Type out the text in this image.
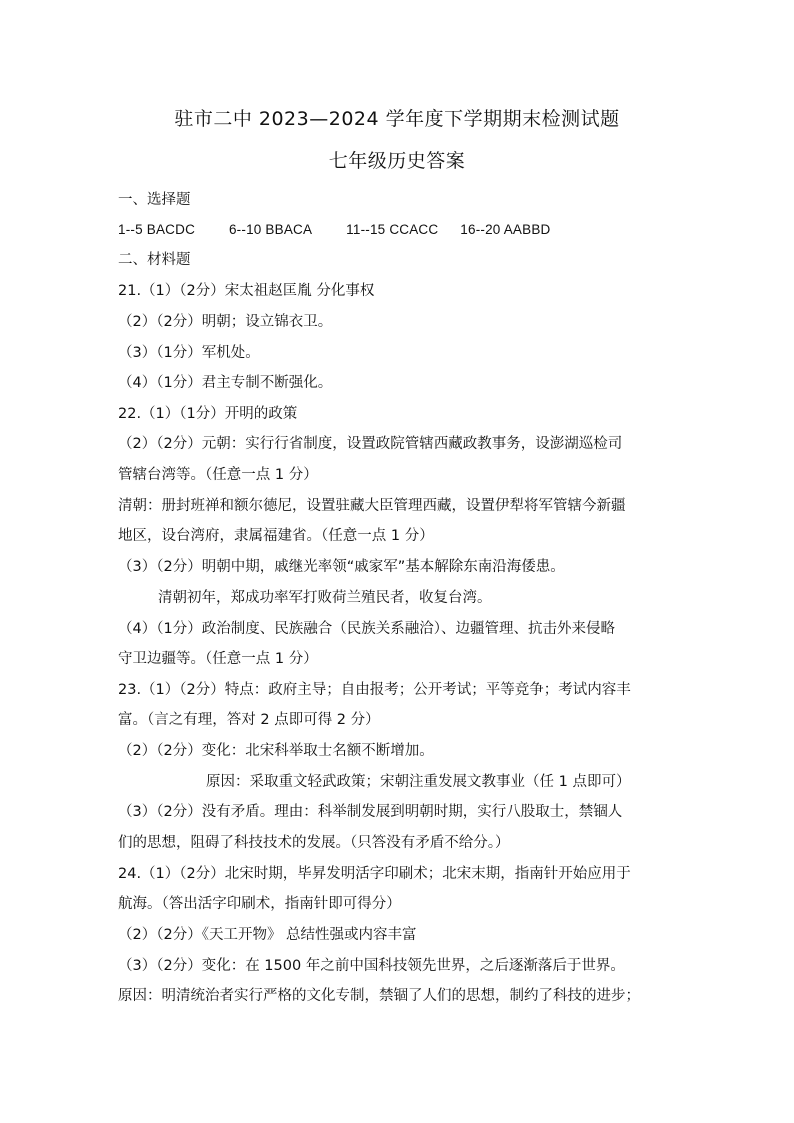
驻市二中 2023—2024 学年度下学期期末检测试题
七年级历史答案
一、选择题
1--5 BACDC	6--10 BBACA	11--15 CCACC 16--20 AABBD
二、材料题
21.（1）（2分）宋太祖赵匡胤 分化事权
（2）（2分）明朝；设立锦衣卫。
（3）（1分）军机处。
（4）（1分）君主专制不断强化。
22.（1）（1分）开明的政策
（2）（2分）元朝：实行行省制度，设置政院管辖西藏政教事务，设澎湖巡检司
管辖台湾等。（任意一点 1 分）
清朝：册封班禅和额尔德尼，设置驻藏大臣管理西藏，设置伊犁将军管辖今新疆
地区，设台湾府，隶属福建省。（任意一点 1 分）
（3）（2分）明朝中期，戚继光率领“戚家军”基本解除东南沿海倭患。
清朝初年，郑成功率军打败荷兰殖民者，收复台湾。
（4）（1分）政治制度、民族融合（民族关系融洽）、边疆管理、抗击外来侵略
守卫边疆等。（任意一点 1 分）
23.（1）（2分）特点：政府主导；自由报考；公开考试；平等竞争；考试内容丰
富。（言之有理，答对 2 点即可得 2 分）
（2）（2分）变化：北宋科举取士名额不断增加。
原因：采取重文轻武政策；宋朝注重发展文教事业（任 1 点即可）
（3）（2分）没有矛盾。理由：科举制发展到明朝时期，实行八股取士，禁锢人
们的思想，阻碍了科技技术的发展。（只答没有矛盾不给分。）
24.（1）（2分）北宋时期，毕昇发明活字印刷术；北宋末期，指南针开始应用于
航海。（答出活字印刷术，指南针即可得分）
（2）（2分）《天工开物》 总结性强或内容丰富
（3）（2分）变化：在 1500 年之前中国科技领先世界，之后逐渐落后于世界。
原因：明清统治者实行严格的文化专制，禁锢了人们的思想，制约了科技的进步；
